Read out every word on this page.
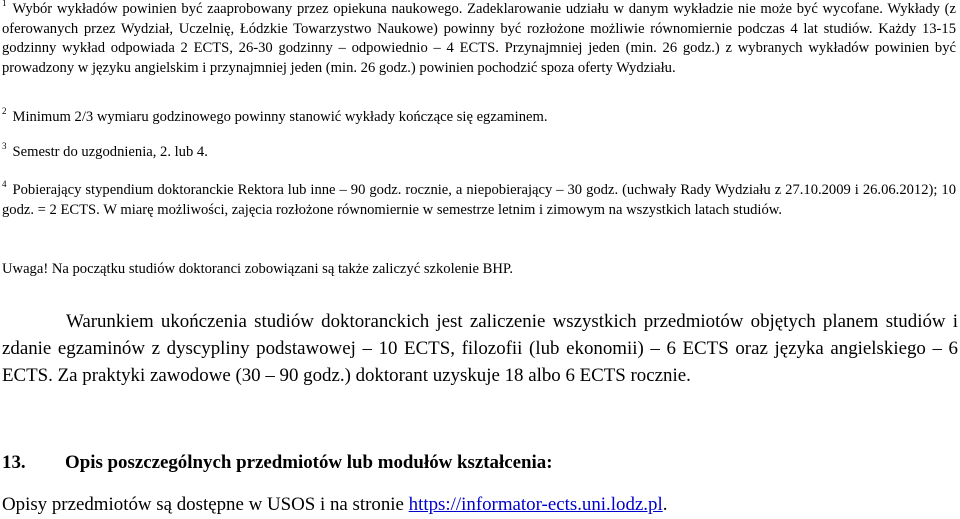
$^1$ Wybór wykładów powinien być zaaprobowany przez opiekuna naukowego. Zadeklarowanie udziału w danym wykładzie nie może być wycofane. Wykłady (z oferowanych przez Wydział, Uczelnię, Łódzkie Towarzystwo Naukowe) powinny być rozłożone możliwie równomiernie podczas 4 lat studiów. Każdy 13-15 godzinny wykład odpowiada 2 ECTS, 26-30 godzinny – odpowiednio – 4 ECTS. Przynajmniej jeden (min. 26 godz.) z wybranych wykładów powinien być prowadzony w języku angielskim i przynajmniej jeden (min. 26 godz.) powinien pochodzić spoza oferty Wydziału.

$^2$ Minimum 2/3 wymiaru godzinowego powinny stanowić wykłady kończące się egzaminem.

$^3$ Semestr do uzgodnienia, 2. lub 4.

$^4$ Pobierający stypendium doktoranckie Rektora lub inne – 90 godz. rocznie, a niepobierający – 30 godz. (uchwały Rady Wydziału z 27.10.2009 i 26.06.2012); 10 godz. = 2 ECTS. W miarę możliwości, zajęcia rozłożone równomiernie w semestrze letnim i zimowym na wszystkich latach studiów.

Uwaga! Na początku studiów doktoranci zobowiązani są także zaliczyć szkolenie BHP.

Warunkiem ukończenia studiów doktoranckich jest zaliczenie wszystkich przedmiotów objętych planem studiów i zdanie egzaminów z dyscypliny podstawowej – 10 ECTS, filozofii (lub ekonomii) – 6 ECTS oraz języka angielskiego – 6 ECTS. Za praktyki zawodowe (30 – 90 godz.) doktorant uzyskuje 18 albo 6 ECTS rocznie.

13. Opis poszczególnych przedmiotów lub modułów kształcenia:

Opisy przedmiotów są dostępne w USOS i na stronie https://informator-ects.uni.lodz.pl.
